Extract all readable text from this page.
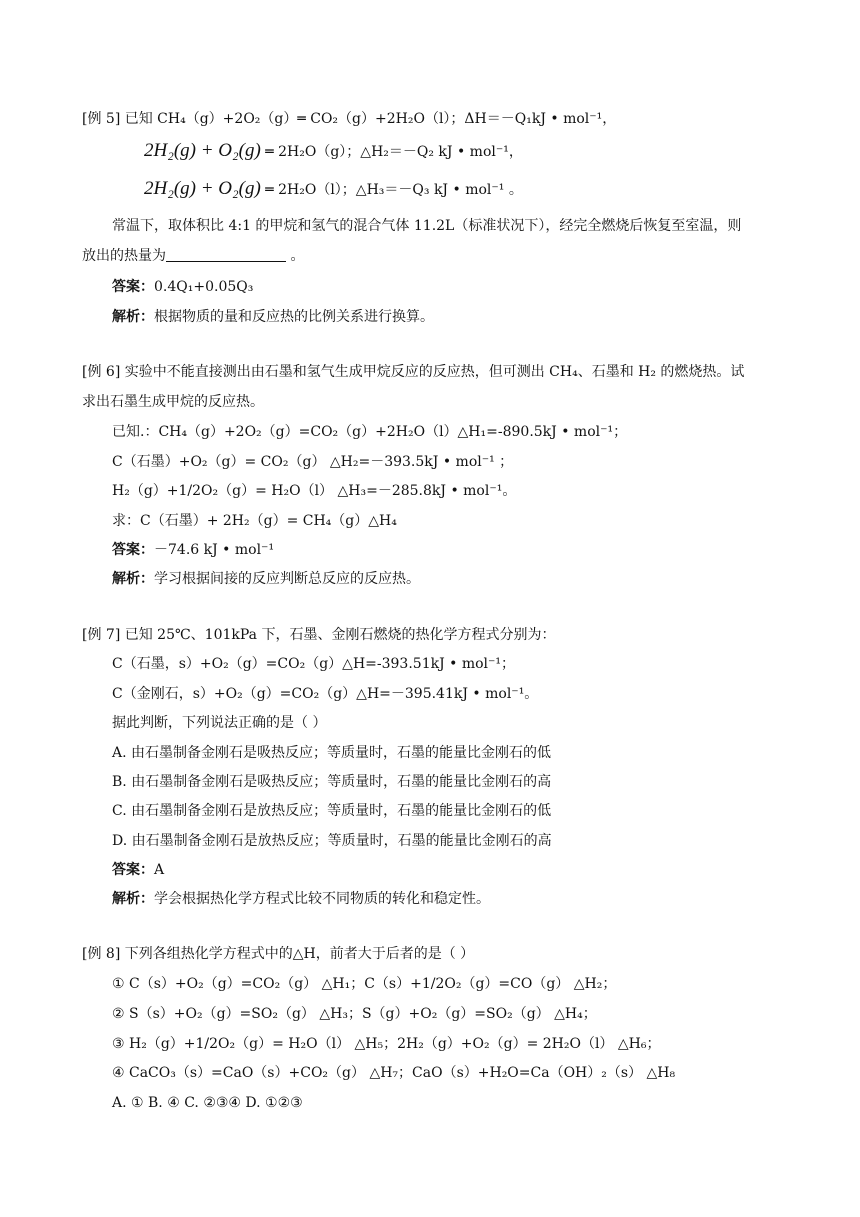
[例 5] 已知 CH₄（g）+2O₂（g）═ CO₂（g）+2H₂O（l）；ΔH＝－Q₁kJ • mol⁻¹，
2H₂(g) + O₂(g) ═ 2H₂O（g）；△H₂＝－Q₂ kJ • mol⁻¹，
2H₂(g) + O₂(g) ═ 2H₂O（l）；△H₃＝－Q₃ kJ • mol⁻¹ 。
常温下，取体积比 4:1 的甲烷和氢气的混合气体 11.2L（标准状况下），经完全燃烧后恢复至室温，则
放出的热量为	。
答案：0.4Q₁+0.05Q₃
解析：根据物质的量和反应热的比例关系进行换算。
[例 6] 实验中不能直接测出由石墨和氢气生成甲烷反应的反应热，但可测出 CH₄、石墨和 H₂ 的燃烧热。试
求出石墨生成甲烷的反应热。
已知.：CH₄（g）+2O₂（g）=CO₂（g）+2H₂O（l）△H₁=-890.5kJ • mol⁻¹；
C（石墨）+O₂（g）= CO₂（g） △H₂=－393.5kJ • mol⁻¹ ；
H₂（g）+1/2O₂（g）= H₂O（l） △H₃=－285.8kJ • mol⁻¹。
求：C（石墨）+ 2H₂（g）= CH₄（g）△H₄
答案：－74.6 kJ • mol⁻¹
解析：学习根据间接的反应判断总反应的反应热。
[例 7] 已知 25℃、101kPa 下，石墨、金刚石燃烧的热化学方程式分别为：
C（石墨，s）+O₂（g）=CO₂（g）△H=-393.51kJ • mol⁻¹；
C（金刚石，s）+O₂（g）=CO₂（g）△H=－395.41kJ • mol⁻¹。
据此判断，下列说法正确的是（ ）
A. 由石墨制备金刚石是吸热反应；等质量时，石墨的能量比金刚石的低
B. 由石墨制备金刚石是吸热反应；等质量时，石墨的能量比金刚石的高
C. 由石墨制备金刚石是放热反应；等质量时，石墨的能量比金刚石的低
D. 由石墨制备金刚石是放热反应；等质量时，石墨的能量比金刚石的高
答案：A
解析：学会根据热化学方程式比较不同物质的转化和稳定性。
[例 8] 下列各组热化学方程式中的△H，前者大于后者的是（ ）
① C（s）+O₂（g）=CO₂（g） △H₁；C（s）+1/2O₂（g）=CO（g） △H₂；
② S（s）+O₂（g）=SO₂（g） △H₃；S（g）+O₂（g）=SO₂（g） △H₄；
③ H₂（g）+1/2O₂（g）= H₂O（l） △H₅；2H₂（g）+O₂（g）= 2H₂O（l） △H₆；
④ CaCO₃（s）=CaO（s）+CO₂（g） △H₇；CaO（s）+H₂O=Ca（OH）₂（s） △H₈
A. ① B. ④ C. ②③④ D. ①②③
